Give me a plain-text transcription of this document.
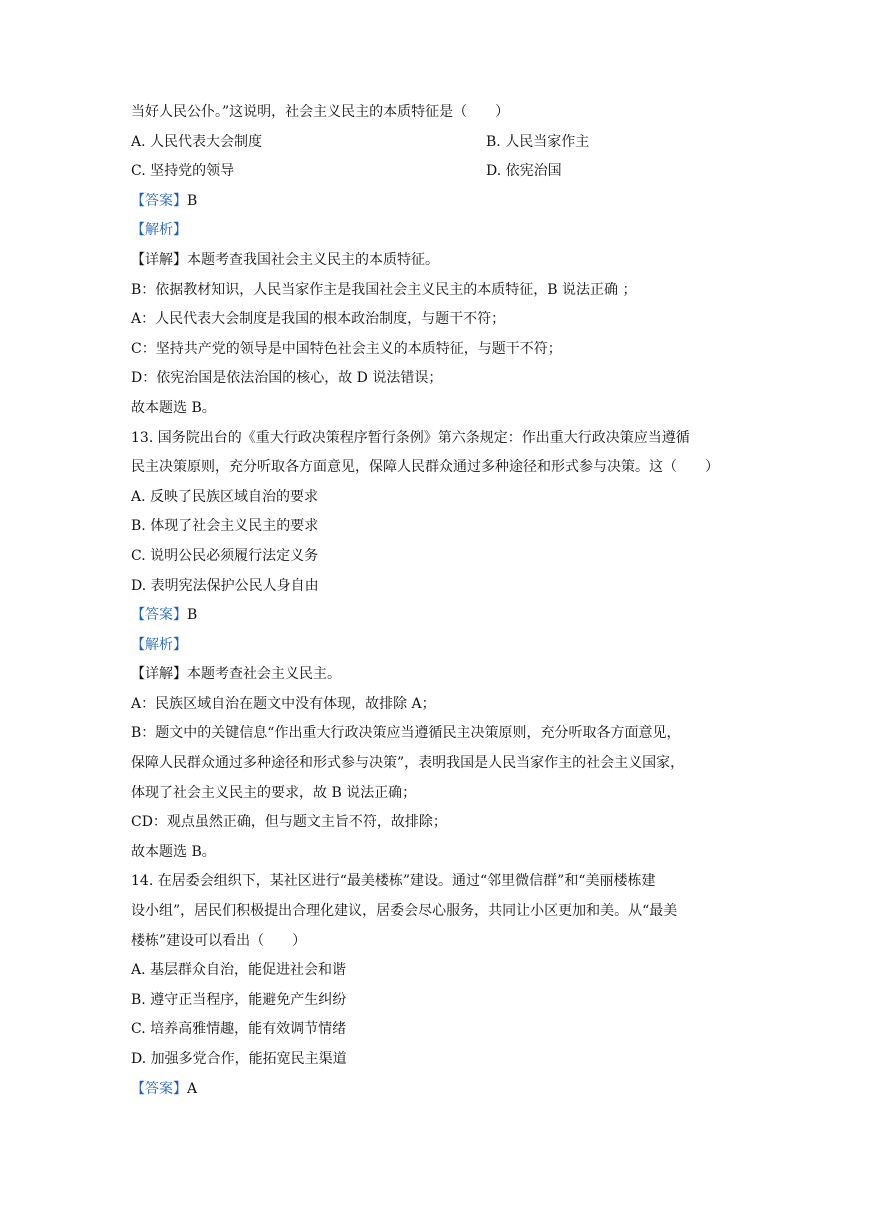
当好人民公仆。”这说明，社会主义民主的本质特征是（　　）
A. 人民代表大会制度	B. 人民当家作主
C. 坚持党的领导	D. 依宪治国
【答案】B
【解析】
【详解】本题考查我国社会主义民主的本质特征。
B：依据教材知识，人民当家作主是我国社会主义民主的本质特征，B 说法正确 ；
A：人民代表大会制度是我国的根本政治制度，与题干不符；
C：坚持共产党的领导是中国特色社会主义的本质特征，与题干不符；
D：依宪治国是依法治国的核心，故 D 说法错误；
故本题选 B。
13. 国务院出台的《重大行政决策程序暂行条例》第六条规定：作出重大行政决策应当遵循
民主决策原则，充分听取各方面意见，保障人民群众通过多种途径和形式参与决策。这（　　）
A. 反映了民族区域自治的要求
B. 体现了社会主义民主的要求
C. 说明公民必须履行法定义务
D. 表明宪法保护公民人身自由
【答案】B
【解析】
【详解】本题考查社会主义民主。
A：民族区域自治在题文中没有体现，故排除 A；
B：题文中的关键信息“作出重大行政决策应当遵循民主决策原则，充分听取各方面意见，
保障人民群众通过多种途径和形式参与决策”，表明我国是人民当家作主的社会主义国家，
体现了社会主义民主的要求，故 B 说法正确；
CD：观点虽然正确，但与题文主旨不符，故排除；
故本题选 B。
14. 在居委会组织下，某社区进行“最美楼栋”建设。通过“邻里微信群”和“美丽楼栋建
设小组”，居民们积极提出合理化建议，居委会尽心服务，共同让小区更加和美。从“最美
楼栋”建设可以看出（　　）
A. 基层群众自治，能促进社会和谐
B. 遵守正当程序，能避免产生纠纷
C. 培养高雅情趣，能有效调节情绪
D. 加强多党合作，能拓宽民主渠道
【答案】A
